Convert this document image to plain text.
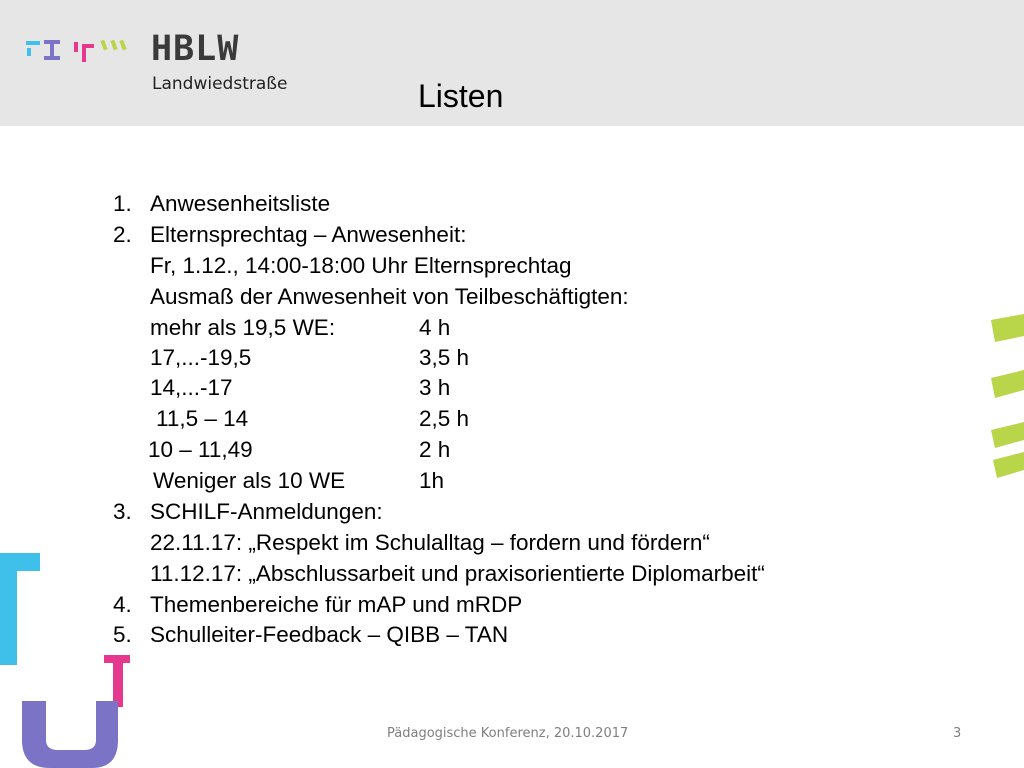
HBLW
Landwiedstraße	Listen
1. Anwesenheitsliste
2. Elternsprechtag – Anwesenheit:
Fr, 1.12., 14:00-18:00 Uhr Elternsprechtag
Ausmaß der Anwesenheit von Teilbeschäftigten:
mehr als 19,5 WE:	4 h
17,...-19,5	3,5 h
14,...-17	3 h
11,5 – 14	2,5 h
10 – 11,49	2 h
Weniger als 10 WE	1h
3. SCHILF-Anmeldungen:
22.11.17: „Respekt im Schulalltag – fordern und fördern“
11.12.17: „Abschlussarbeit und praxisorientierte Diplomarbeit“
4. Themenbereiche für mAP und mRDP
5. Schulleiter-Feedback – QIBB – TAN
Pädagogische Konferenz, 20.10.2017	3
